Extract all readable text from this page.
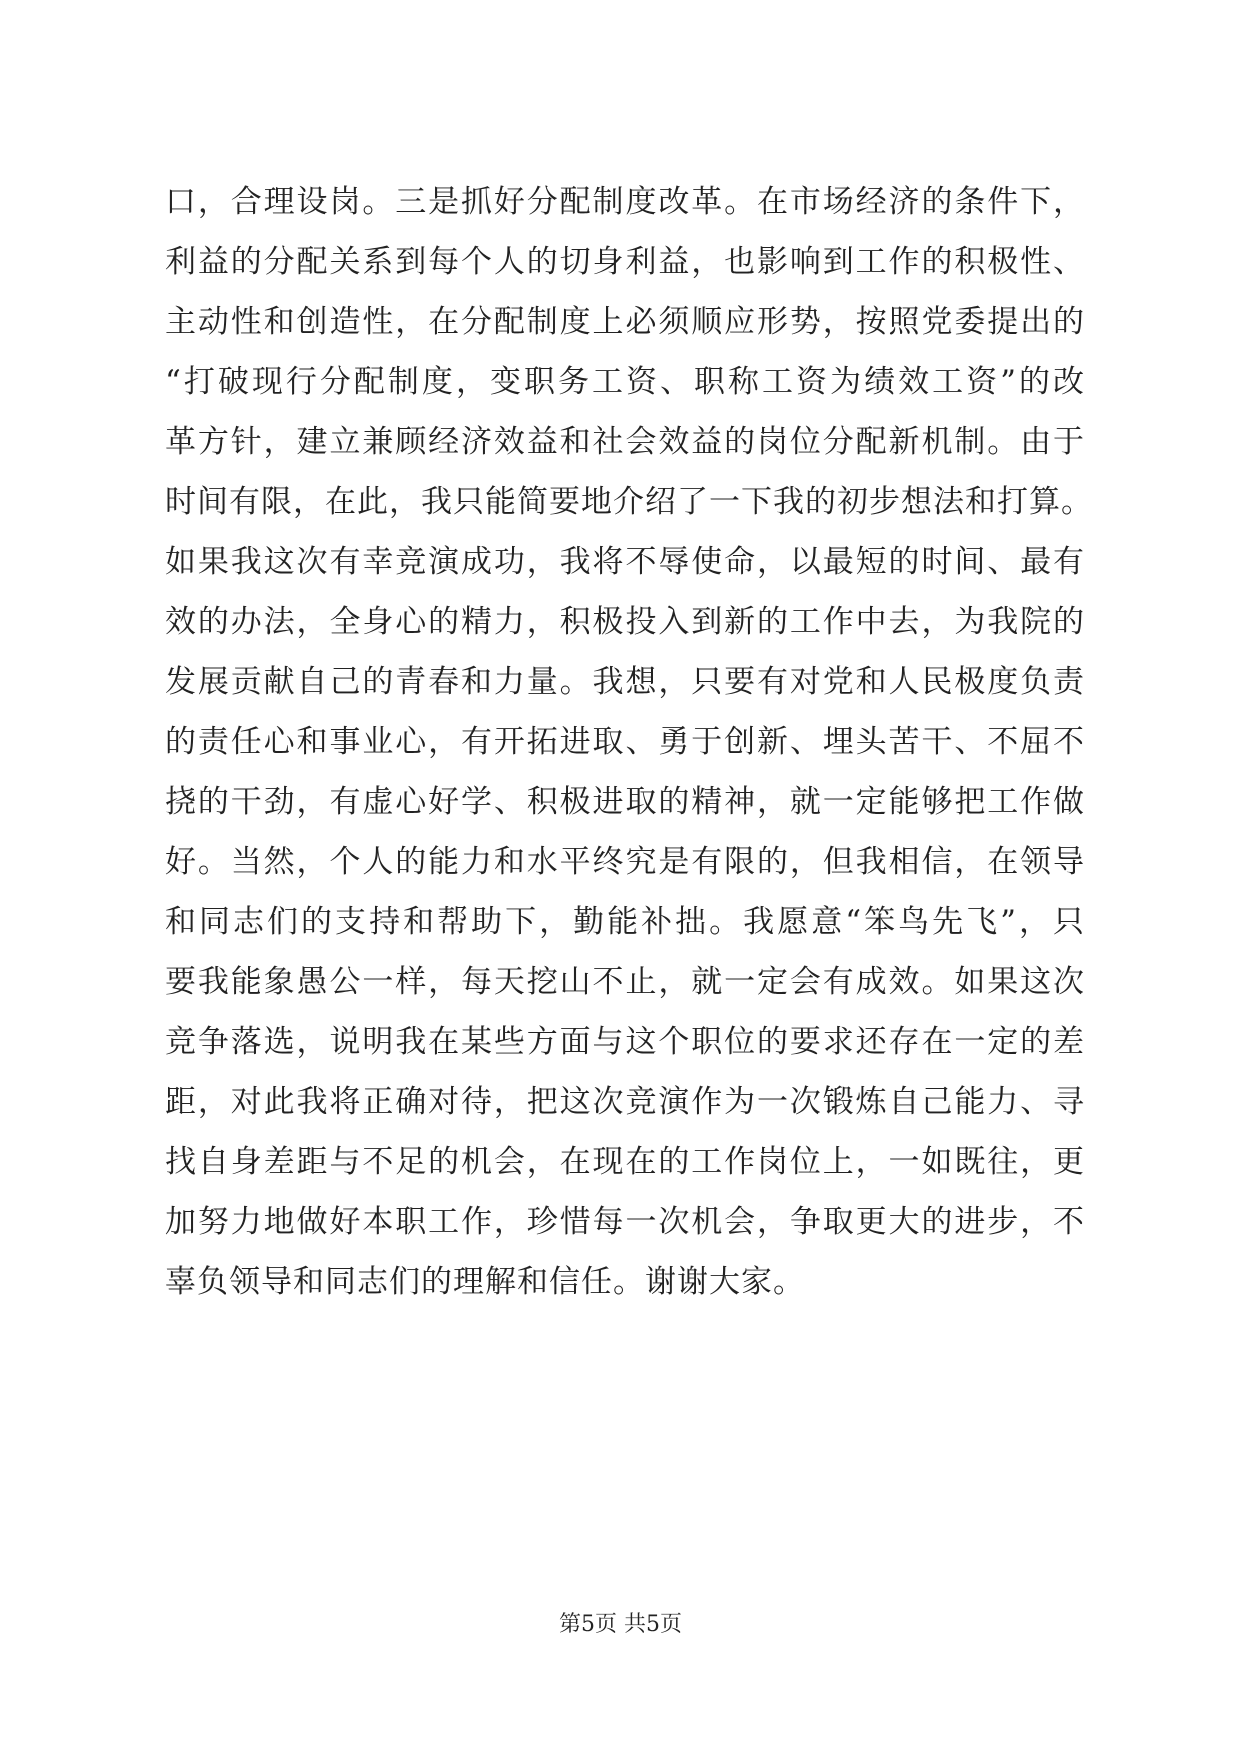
口，合理设岗。三是抓好分配制度改革。在市场经济的条件下，
利益的分配关系到每个人的切身利益，也影响到工作的积极性、
主动性和创造性，在分配制度上必须顺应形势，按照党委提出的
“打破现行分配制度，变职务工资、职称工资为绩效工资”的改
革方针，建立兼顾经济效益和社会效益的岗位分配新机制。由于
时间有限，在此，我只能简要地介绍了一下我的初步想法和打算。
如果我这次有幸竞演成功，我将不辱使命，以最短的时间、最有
效的办法，全身心的精力，积极投入到新的工作中去，为我院的
发展贡献自己的青春和力量。我想，只要有对党和人民极度负责
的责任心和事业心，有开拓进取、勇于创新、埋头苦干、不屈不
挠的干劲，有虚心好学、积极进取的精神，就一定能够把工作做
好。当然，个人的能力和水平终究是有限的，但我相信，在领导
和同志们的支持和帮助下，勤能补拙。我愿意“笨鸟先飞”，只
要我能象愚公一样，每天挖山不止，就一定会有成效。如果这次
竞争落选，说明我在某些方面与这个职位的要求还存在一定的差
距，对此我将正确对待，把这次竞演作为一次锻炼自己能力、寻
找自身差距与不足的机会，在现在的工作岗位上，一如既往，更
加努力地做好本职工作，珍惜每一次机会，争取更大的进步，不
辜负领导和同志们的理解和信任。谢谢大家。
第5页 共5页
